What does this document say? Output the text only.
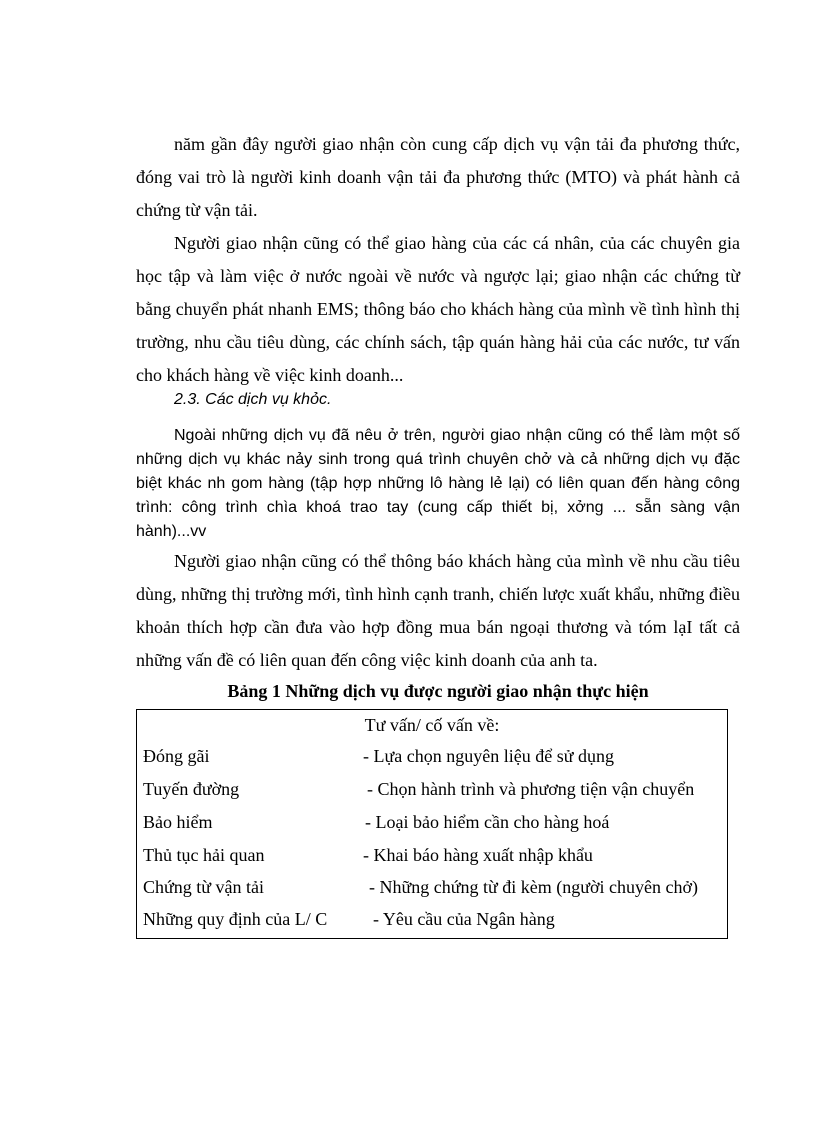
năm gần đây người giao nhận còn cung cấp dịch vụ vận tải đa phương thức, đóng vai trò là người kinh doanh vận tải đa phương thức (MTO) và phát hành cả chứng từ vận tải.

Người giao nhận cũng có thể giao hàng của các cá nhân, của các chuyên gia học tập và làm việc ở nước ngoài về nước và ngược lại; giao nhận các chứng từ bằng chuyển phát nhanh EMS; thông báo cho khách hàng của mình về tình hình thị trường, nhu cầu tiêu dùng, các chính sách, tập quán hàng hải của các nước, tư vấn cho khách hàng về việc kinh doanh...

2.3. Các dịch vụ khỏc.

Ngoài những dịch vụ đã nêu ở trên, người giao nhận cũng có thể làm một số những dịch vụ khác nảy sinh trong quá trình chuyên chở và cả những dịch vụ đặc biệt khác nh gom hàng (tập hợp những lô hàng lẻ lại) có liên quan đến hàng công trình: công trình chìa khoá trao tay (cung cấp thiết bị, xởng ... sẵn sàng vận hành)...vv

Người giao nhận cũng có thể thông báo khách hàng của mình về nhu cầu tiêu dùng, những thị trường mới, tình hình cạnh tranh, chiến lược xuất khẩu, những điều khoản thích hợp cần đưa vào hợp đồng mua bán ngoại thương và tóm lạI tất cả những vấn đề có liên quan đến công việc kinh doanh của anh ta.

Bảng 1 Những dịch vụ được người giao nhận thực hiện

Tư vấn/ cố vấn về:
Đóng gãi	- Lựa chọn nguyên liệu để sử dụng
Tuyến đường	- Chọn hành trình và phương tiện vận chuyển
Bảo hiểm	- Loại bảo hiểm cần cho hàng hoá
Thủ tục hải quan	- Khai báo hàng xuất nhập khẩu
Chứng từ vận tải	- Những chứng từ đi kèm (người chuyên chở)
Những quy định của L/ C	- Yêu cầu của Ngân hàng
